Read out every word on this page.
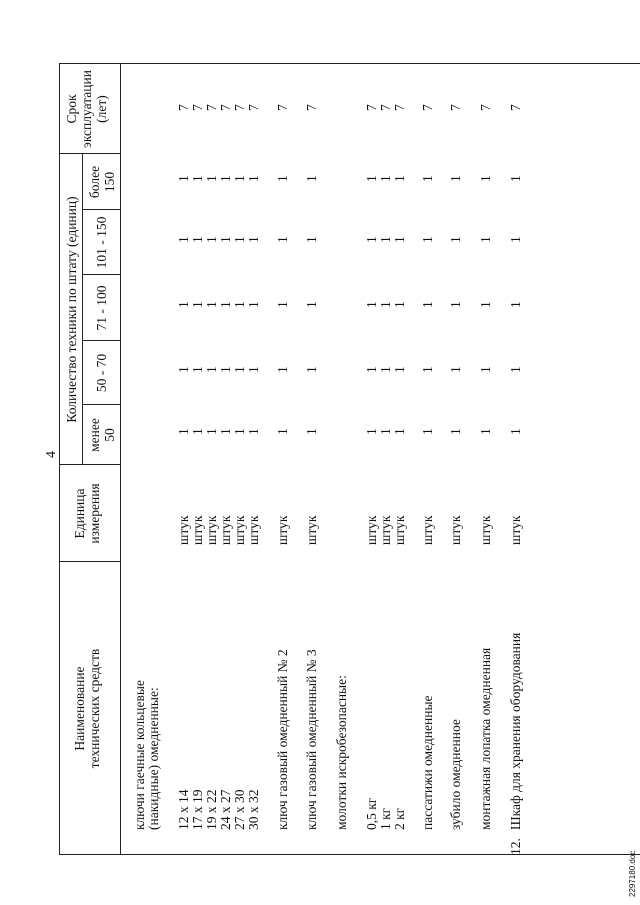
4
Наименование технических средств
Единица измерения
Количество техники по штату (единиц)
менее 50
50 - 70
71 - 100
101 - 150
более 150
Срок эксплуатации (лет)
ключи гаечные кольцевые (накидные) омедненные: 12 х 14
штук
1
1
1
1
1
7
17 х 19
штук
1
1
1
1
1
7
19 х 22
штук
1
1
1
1
1
7
24 х 27
штук
1
1
1
1
1
7
27 х 30
штук
1
1
1
1
1
7
30 х 32
штук
1
1
1
1
1
7
ключ газовый омедненный № 2
штук
1
1
1
1
1
7
ключ газовый омедненный № 3
штук
1
1
1
1
1
7
молотки искробезопасные: 0,5 кг
штук
1
1
1
1
1
7
1 кг
штук
1
1
1
1
1
7
2 кг
штук
1
1
1
1
1
7
пассатижи омедненные
штук
1
1
1
1
1
7
зубило омедненное
штук
1
1
1
1
1
7
монтажная лопатка омедненная
штук
1
1
1
1
1
7
12.
Шкаф для хранения оборудования
штук
1
1
1
1
1
7
2297180.doc
